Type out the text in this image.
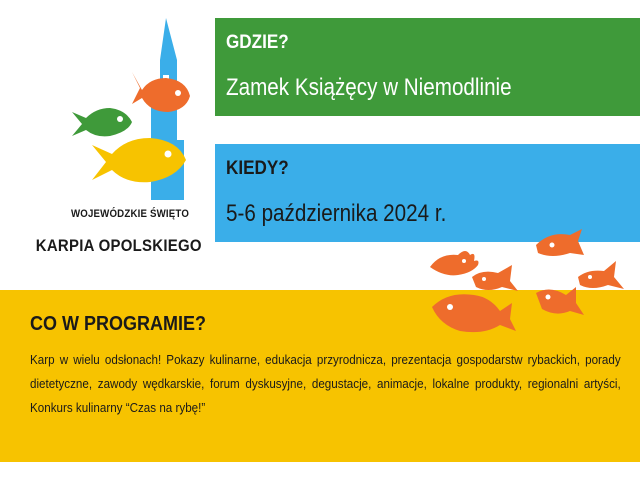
WOJEWÓDZKIE ŚWIĘTO
KARPIA OPOLSKIEGO
GDZIE?
Zamek Książęcy w Niemodlinie
KIEDY?
5-6 października 2024 r.
CO W PROGRAMIE?
Karp w wielu odsłonach! Pokazy kulinarne, edukacja przyrodnicza, prezentacja gospodarstw rybackich, porady dietetyczne, zawody wędkarskie, forum dyskusyjne, degustacje, animacje, lokalne produkty, regionalni artyści, Konkurs kulinarny “Czas na rybę!”
